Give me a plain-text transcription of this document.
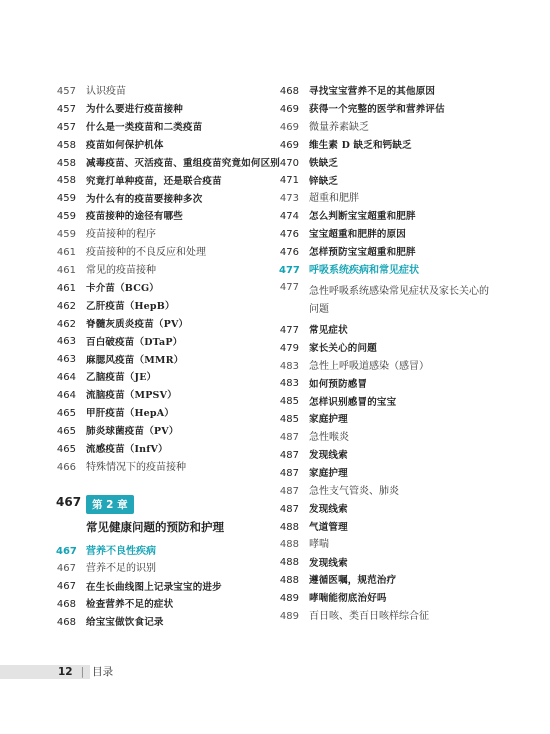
457 认识疫苗
457 为什么要进行疫苗接种
457 什么是一类疫苗和二类疫苗
458 疫苗如何保护机体
458 减毒疫苗、灭活疫苗、重组疫苗究竟如何区别
458 究竟打单种疫苗，还是联合疫苗
459 为什么有的疫苗要接种多次
459 疫苗接种的途径有哪些
459 疫苗接种的程序
461 疫苗接种的不良反应和处理
461 常见的疫苗接种
461 卡介苗（BCG）
462 乙肝疫苗（HepB）
462 脊髓灰质炎疫苗（PV）
463 百白破疫苗（DTaP）
463 麻腮风疫苗（MMR）
464 乙脑疫苗（JE）
464 流脑疫苗（MPSV）
465 甲肝疫苗（HepA）
465 肺炎球菌疫苗（PV）
465 流感疫苗（InfV）
466 特殊情况下的疫苗接种
467	第 2 章
常见健康问题的预防和护理
467 营养不良性疾病
467 营养不足的识别
467 在生长曲线图上记录宝宝的进步
468 检查营养不足的症状
468 给宝宝做饮食记录
468 寻找宝宝营养不足的其他原因
469 获得一个完整的医学和营养评估
469 微量养素缺乏
469 维生素 D 缺乏和钙缺乏
470 铁缺乏
471 锌缺乏
473 超重和肥胖
474 怎么判断宝宝超重和肥胖
476 宝宝超重和肥胖的原因
476 怎样预防宝宝超重和肥胖
477 呼吸系统疾病和常见症状
477 急性呼吸系统感染常见症状及家长关心的问题
477 常见症状
479 家长关心的问题
483 急性上呼吸道感染（感冒）
483 如何预防感冒
485 怎样识别感冒的宝宝
485 家庭护理
487 急性喉炎
487 发现线索
487 家庭护理
487 急性支气管炎、肺炎
487 发现线索
488 气道管理
488 哮喘
488 发现线索
488 遵循医嘱，规范治疗
489 哮喘能彻底治好吗
489 百日咳、类百日咳样综合征
12 | 目录
